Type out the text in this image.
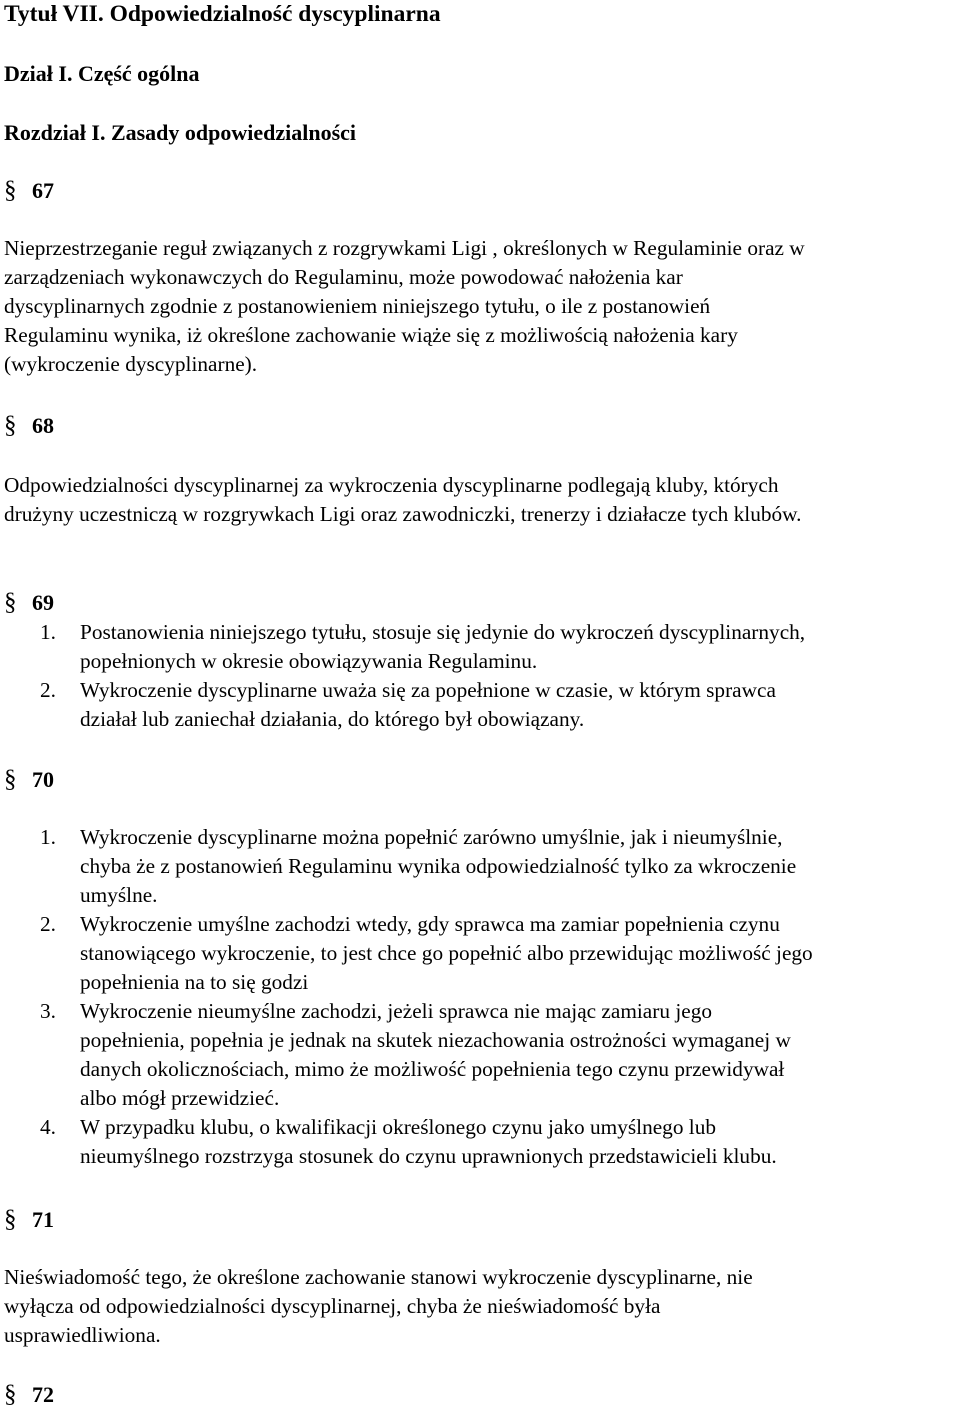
Tytuł VII. Odpowiedzialność dyscyplinarna
Dział I. Część ogólna
Rozdział I. Zasady odpowiedzialności
§ 67
Nieprzestrzeganie reguł związanych z rozgrywkami Ligi , określonych w Regulaminie oraz w
zarządzeniach wykonawczych do Regulaminu, może powodować nałożenia kar
dyscyplinarnych zgodnie z postanowieniem niniejszego tytułu, o ile z postanowień
Regulaminu wynika, iż określone zachowanie wiąże się z możliwością nałożenia kary
(wykroczenie dyscyplinarne).
§ 68
Odpowiedzialności dyscyplinarnej za wykroczenia dyscyplinarne podlegają kluby, których
drużyny uczestniczą w rozgrywkach Ligi oraz zawodniczki, trenerzy i działacze tych klubów.
§ 69
1. Postanowienia niniejszego tytułu, stosuje się jedynie do wykroczeń dyscyplinarnych,
popełnionych w okresie obowiązywania Regulaminu.
2. Wykroczenie dyscyplinarne uważa się za popełnione w czasie, w którym sprawca
działał lub zaniechał działania, do którego był obowiązany.
§ 70
1. Wykroczenie dyscyplinarne można popełnić zarówno umyślnie, jak i nieumyślnie,
chyba że z postanowień Regulaminu wynika odpowiedzialność tylko za wkroczenie
umyślne.
2. Wykroczenie umyślne zachodzi wtedy, gdy sprawca ma zamiar popełnienia czynu
stanowiącego wykroczenie, to jest chce go popełnić albo przewidując możliwość jego
popełnienia na to się godzi
3. Wykroczenie nieumyślne zachodzi, jeżeli sprawca nie mając zamiaru jego
popełnienia, popełnia je jednak na skutek niezachowania ostrożności wymaganej w
danych okolicznościach, mimo że możliwość popełnienia tego czynu przewidywał
albo mógł przewidzieć.
4. W przypadku klubu, o kwalifikacji określonego czynu jako umyślnego lub
nieumyślnego rozstrzyga stosunek do czynu uprawnionych przedstawicieli klubu.
§ 71
Nieświadomość tego, że określone zachowanie stanowi wykroczenie dyscyplinarne, nie
wyłącza od odpowiedzialności dyscyplinarnej, chyba że nieświadomość była
usprawiedliwiona.
§ 72
